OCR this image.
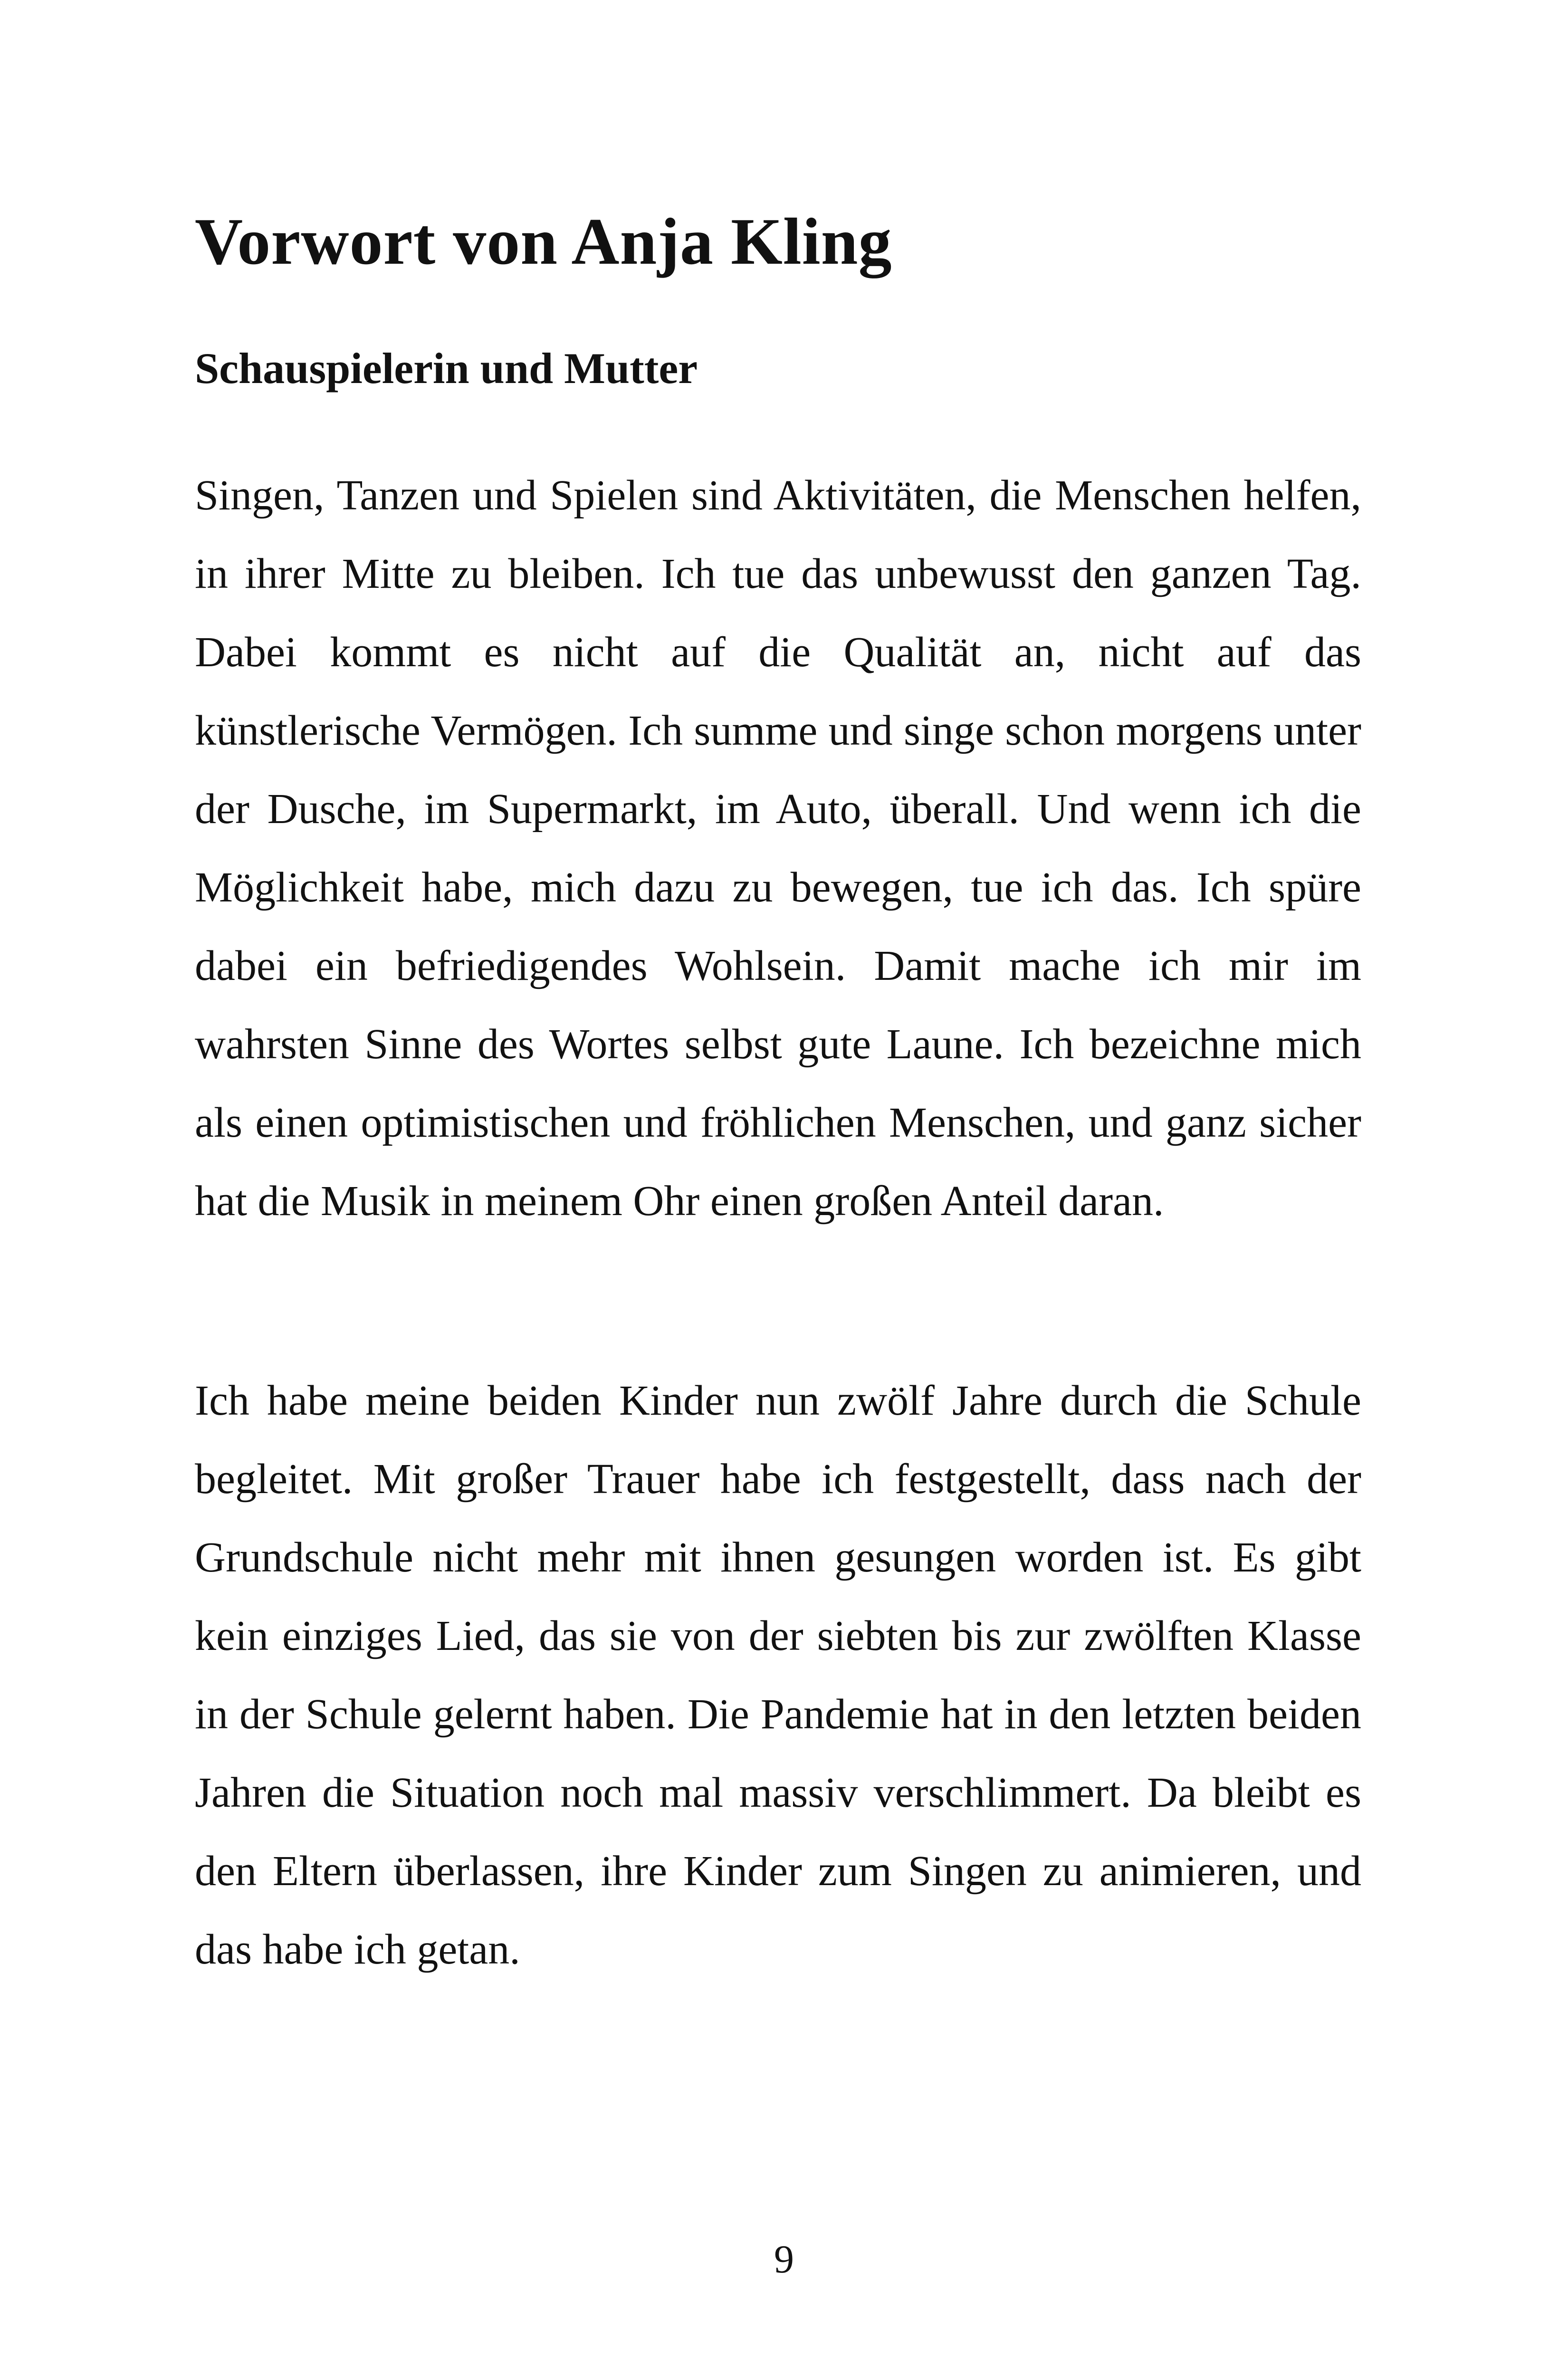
Vorwort von Anja Kling
Schauspielerin und Mutter

Singen, Tanzen und Spielen sind Aktivitäten, die Menschen helfen, in ihrer Mitte zu bleiben. Ich tue das unbewusst den ganzen Tag. Dabei kommt es nicht auf die Qualität an, nicht auf das künstlerische Vermögen. Ich summe und singe schon morgens unter der Dusche, im Supermarkt, im Auto, überall. Und wenn ich die Möglichkeit habe, mich dazu zu bewegen, tue ich das. Ich spüre dabei ein befriedigendes Wohlsein. Damit mache ich mir im wahrsten Sinne des Wortes selbst gute Laune. Ich bezeichne mich als einen optimistischen und fröhlichen Menschen, und ganz sicher hat die Musik in meinem Ohr einen großen Anteil daran.

Ich habe meine beiden Kinder nun zwölf Jahre durch die Schule begleitet. Mit großer Trauer habe ich festgestellt, dass nach der Grundschule nicht mehr mit ihnen gesungen worden ist. Es gibt kein einziges Lied, das sie von der siebten bis zur zwölften Klasse in der Schule gelernt haben. Die Pandemie hat in den letzten beiden Jahren die Situation noch mal massiv verschlimmert. Da bleibt es den Eltern überlassen, ihre Kinder zum Singen zu animieren, und das habe ich getan.

9
